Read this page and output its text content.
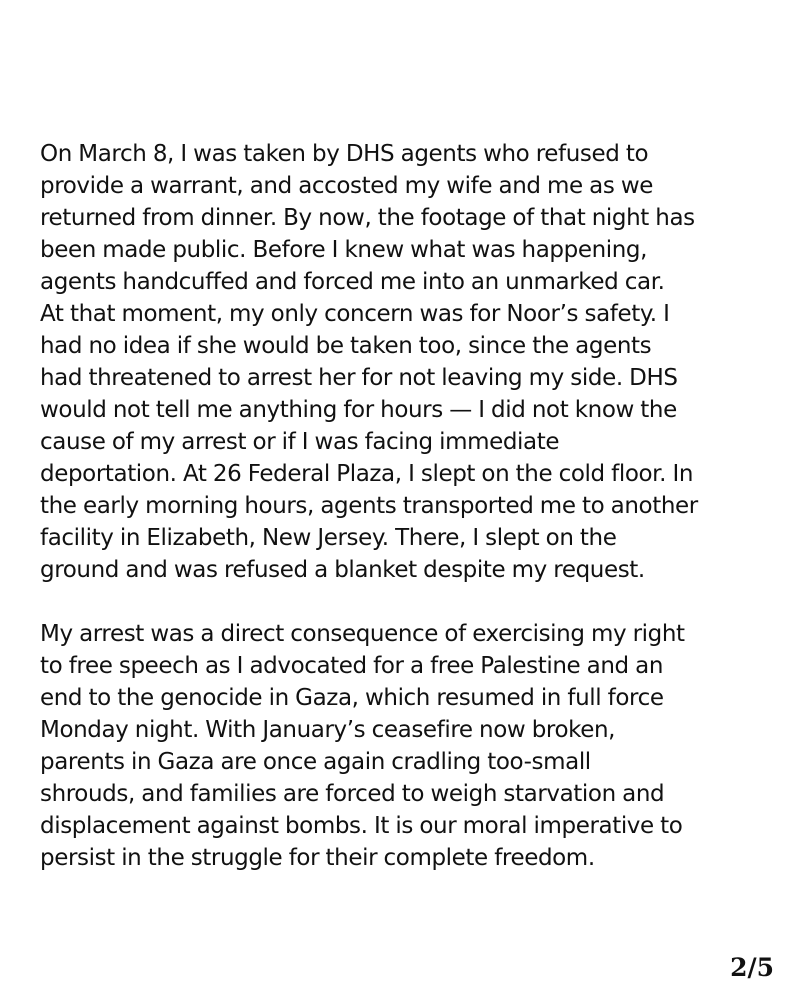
On March 8, I was taken by DHS agents who refused to
provide a warrant, and accosted my wife and me as we
returned from dinner. By now, the footage of that night has
been made public. Before I knew what was happening,
agents handcuffed and forced me into an unmarked car.
At that moment, my only concern was for Noor’s safety. I
had no idea if she would be taken too, since the agents
had threatened to arrest her for not leaving my side. DHS
would not tell me anything for hours — I did not know the
cause of my arrest or if I was facing immediate
deportation. At 26 Federal Plaza, I slept on the cold floor. In
the early morning hours, agents transported me to another
facility in Elizabeth, New Jersey. There, I slept on the
ground and was refused a blanket despite my request.

My arrest was a direct consequence of exercising my right
to free speech as I advocated for a free Palestine and an
end to the genocide in Gaza, which resumed in full force
Monday night. With January’s ceasefire now broken,
parents in Gaza are once again cradling too-small
shrouds, and families are forced to weigh starvation and
displacement against bombs. It is our moral imperative to
persist in the struggle for their complete freedom.

2/5
